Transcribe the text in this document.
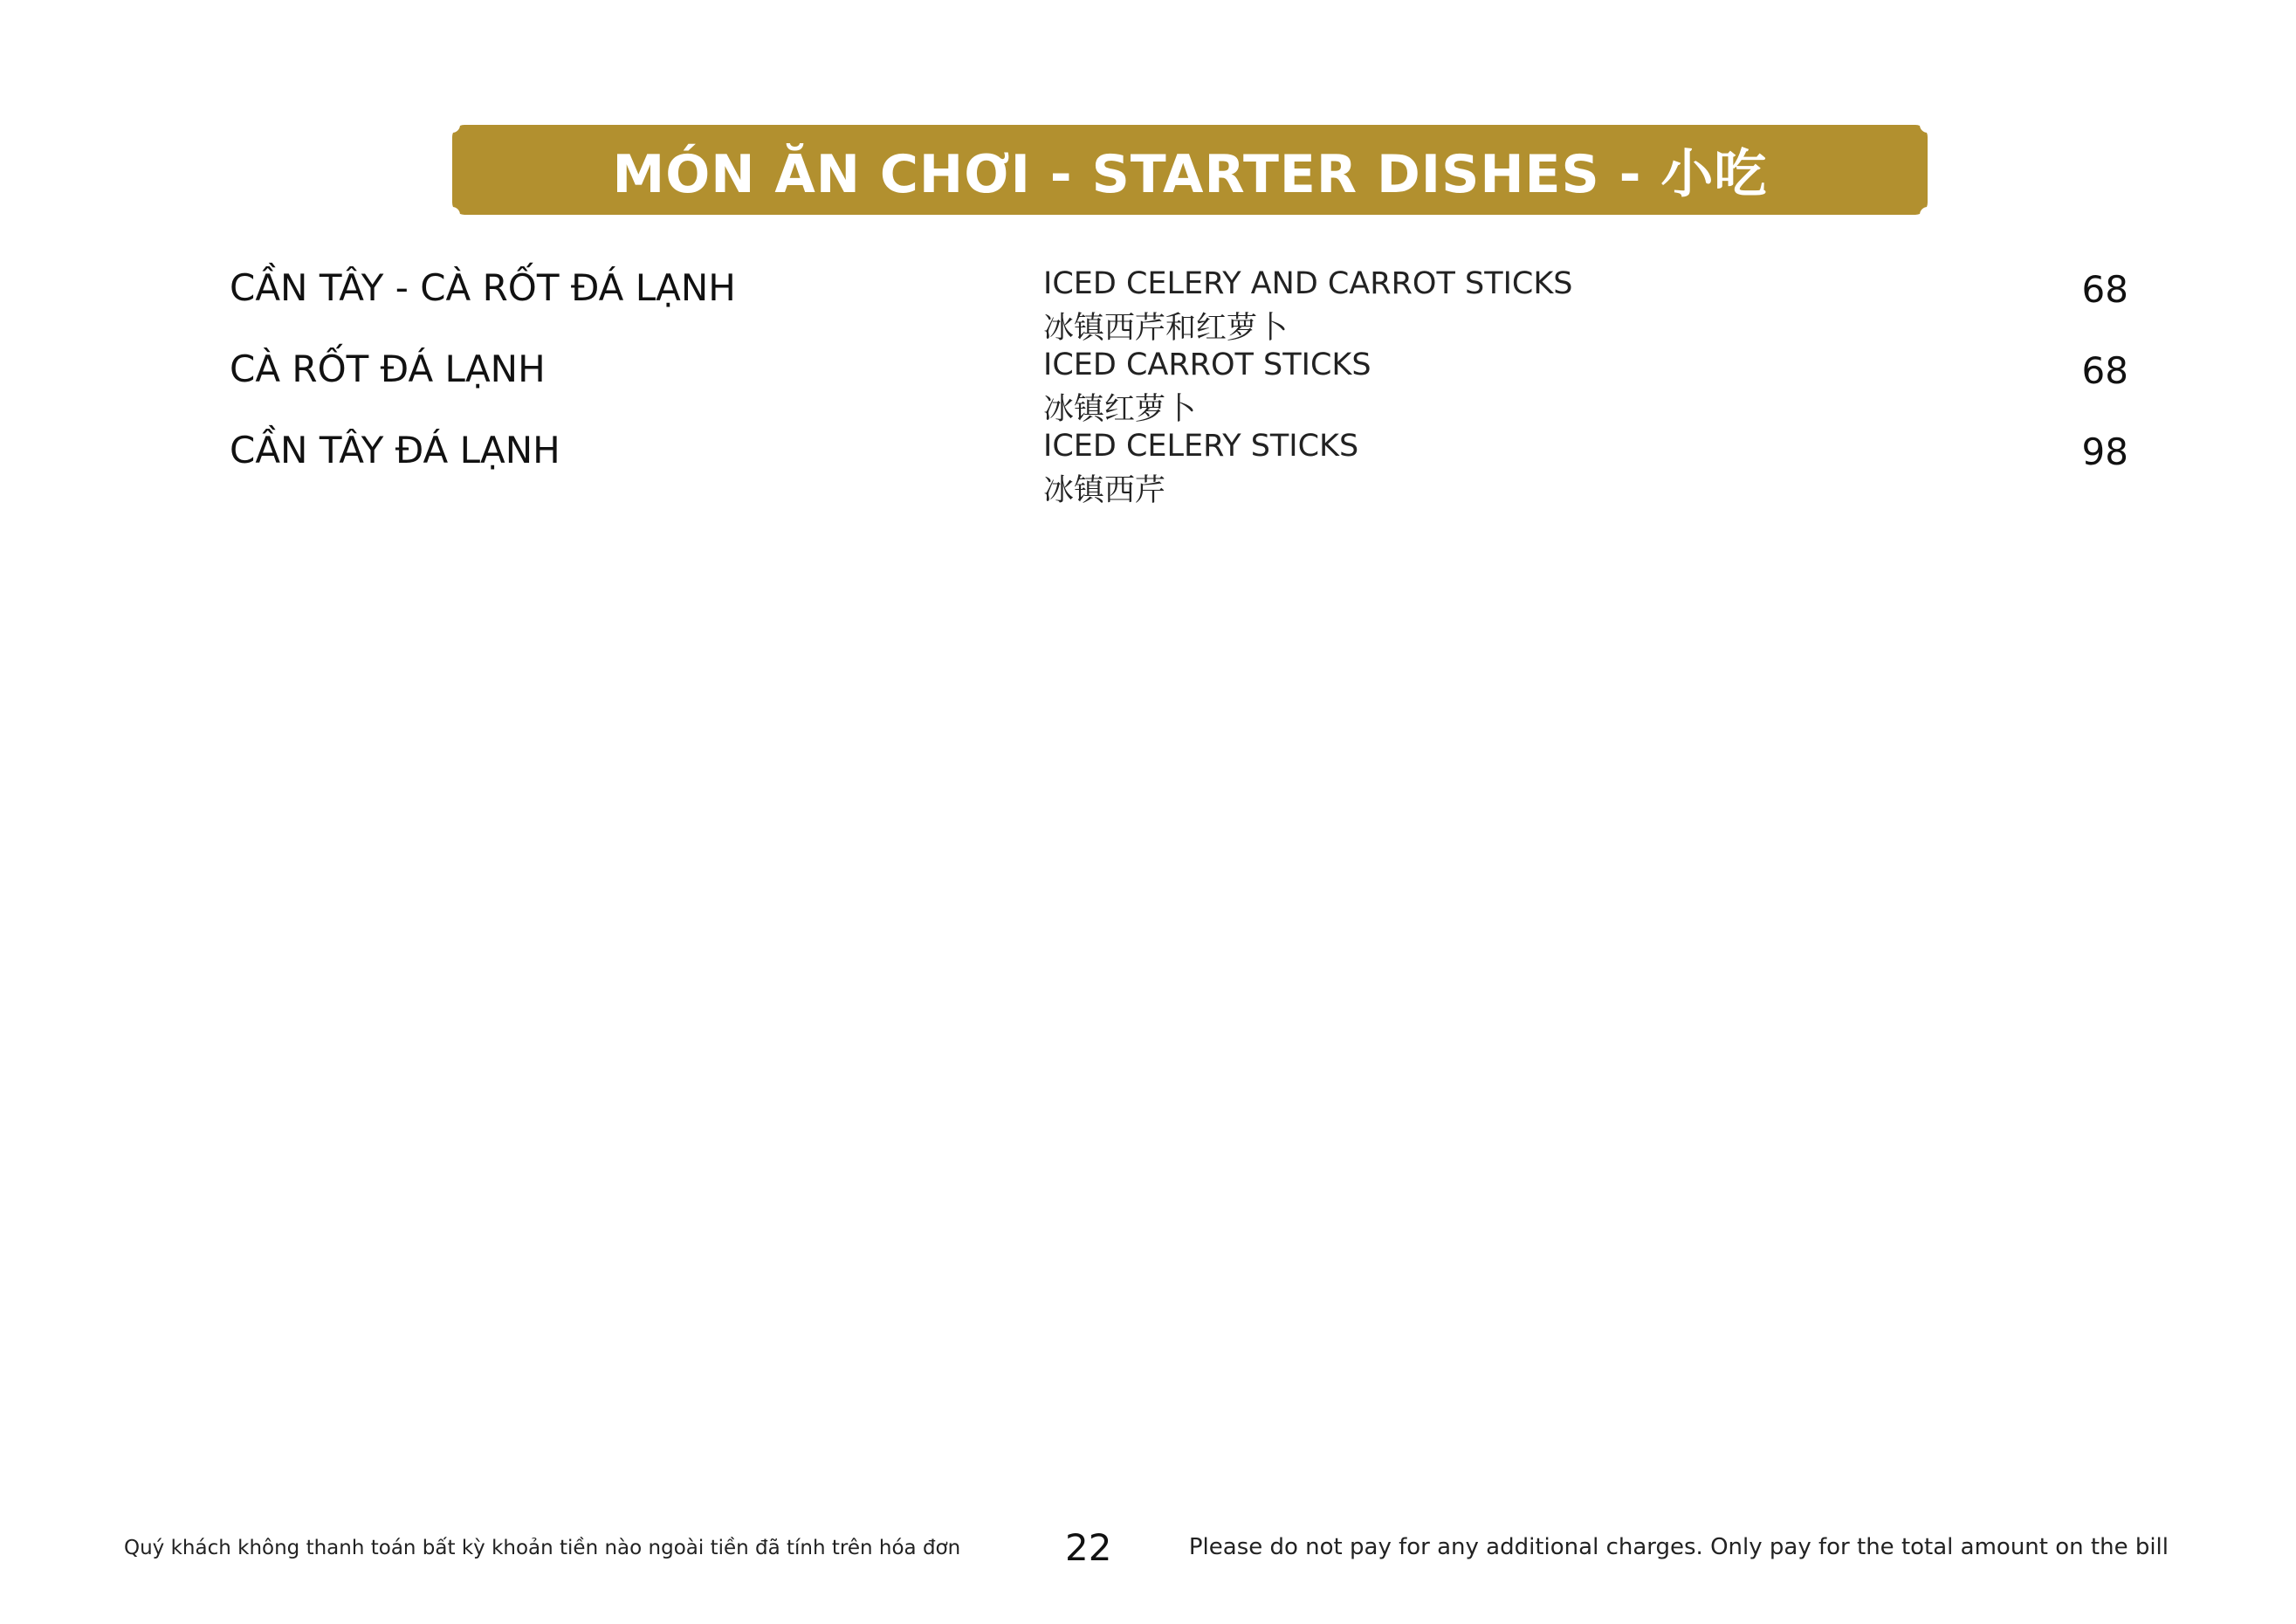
MÓN ĂN CHƠI - STARTER DISHES - 小吃
CẦN TÂY - CÀ RỐT ĐÁ LẠNH	ICED CELERY AND CARROT STICKS
冰镇西芹和红萝卜
68
CÀ RỐT ĐÁ LẠNH	ICED CARROT STICKS
冰镇红萝卜
68
CẦN TÂY ĐÁ LẠNH	ICED CELERY STICKS
冰镇西芹
98
Quý khách không thanh toán bất kỳ khoản tiền nào ngoài tiền đã tính trên hóa đơn	22	Please do not pay for any additional charges. Only pay for the total amount on the bill
